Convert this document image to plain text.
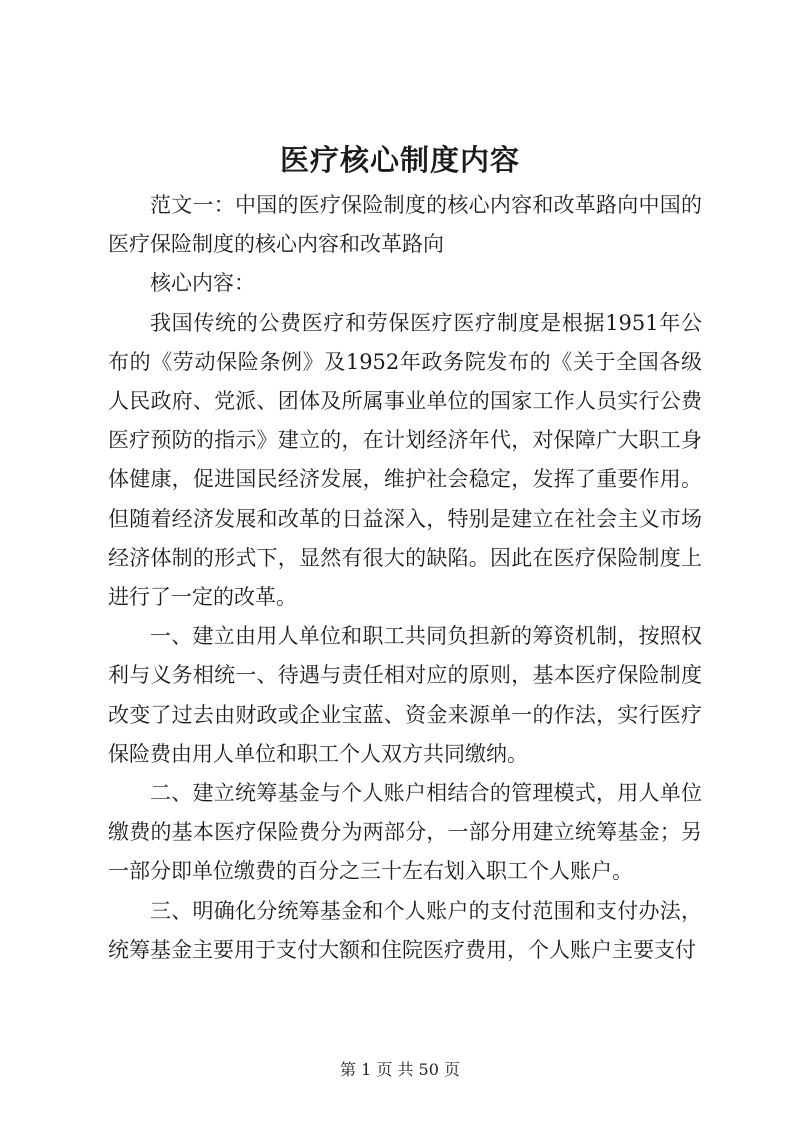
医疗核心制度内容

范文一：中国的医疗保险制度的核心内容和改革路向中国的医疗保险制度的核心内容和改革路向

核心内容：

我国传统的公费医疗和劳保医疗医疗制度是根据1951年公布的《劳动保险条例》及1952年政务院发布的《关于全国各级人民政府、党派、团体及所属事业单位的国家工作人员实行公费医疗预防的指示》建立的，在计划经济年代，对保障广大职工身体健康，促进国民经济发展，维护社会稳定，发挥了重要作用。但随着经济发展和改革的日益深入，特别是建立在社会主义市场经济体制的形式下，显然有很大的缺陷。因此在医疗保险制度上进行了一定的改革。

一、建立由用人单位和职工共同负担新的筹资机制，按照权利与义务相统一、待遇与责任相对应的原则，基本医疗保险制度改变了过去由财政或企业宝蓝、资金来源单一的作法，实行医疗保险费由用人单位和职工个人双方共同缴纳。

二、建立统筹基金与个人账户相结合的管理模式，用人单位缴费的基本医疗保险费分为两部分，一部分用建立统筹基金；另一部分即单位缴费的百分之三十左右划入职工个人账户。

三、明确化分统筹基金和个人账户的支付范围和支付办法，统筹基金主要用于支付大额和住院医疗费用，个人账户主要支付

第 1 页 共 50 页
